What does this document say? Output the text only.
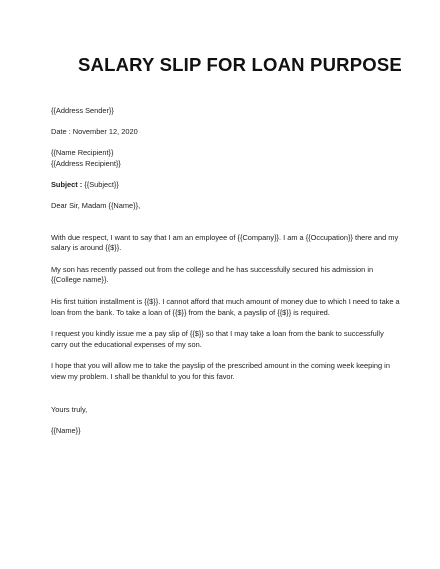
SALARY SLIP FOR LOAN PURPOSE

{{Address Sender}}

Date : November 12, 2020

{{Name Recipient}}

{{Address Recipient}}

Subject : {{Subject}}

Dear Sir, Madam {{Name}},

With due respect, I want to say that I am an employee of {{Company}}. I am a {{Occupation}} there and my salary is around {{$}}.

My son has recently passed out from the college and he has successfully secured his admission in {{College name}}.

His first tuition installment is {{$}}. I cannot afford that much amount of money due to which I need to take a loan from the bank. To take a loan of {{$}} from the bank, a payslip of {{$}} is required.

I request you kindly issue me a pay slip of {{$}} so that I may take a loan from the bank to successfully carry out the educational expenses of my son.

I hope that you will allow me to take the payslip of the prescribed amount in the coming week keeping in view my problem. I shall be thankful to you for this favor.

Yours truly,

{{Name}}
